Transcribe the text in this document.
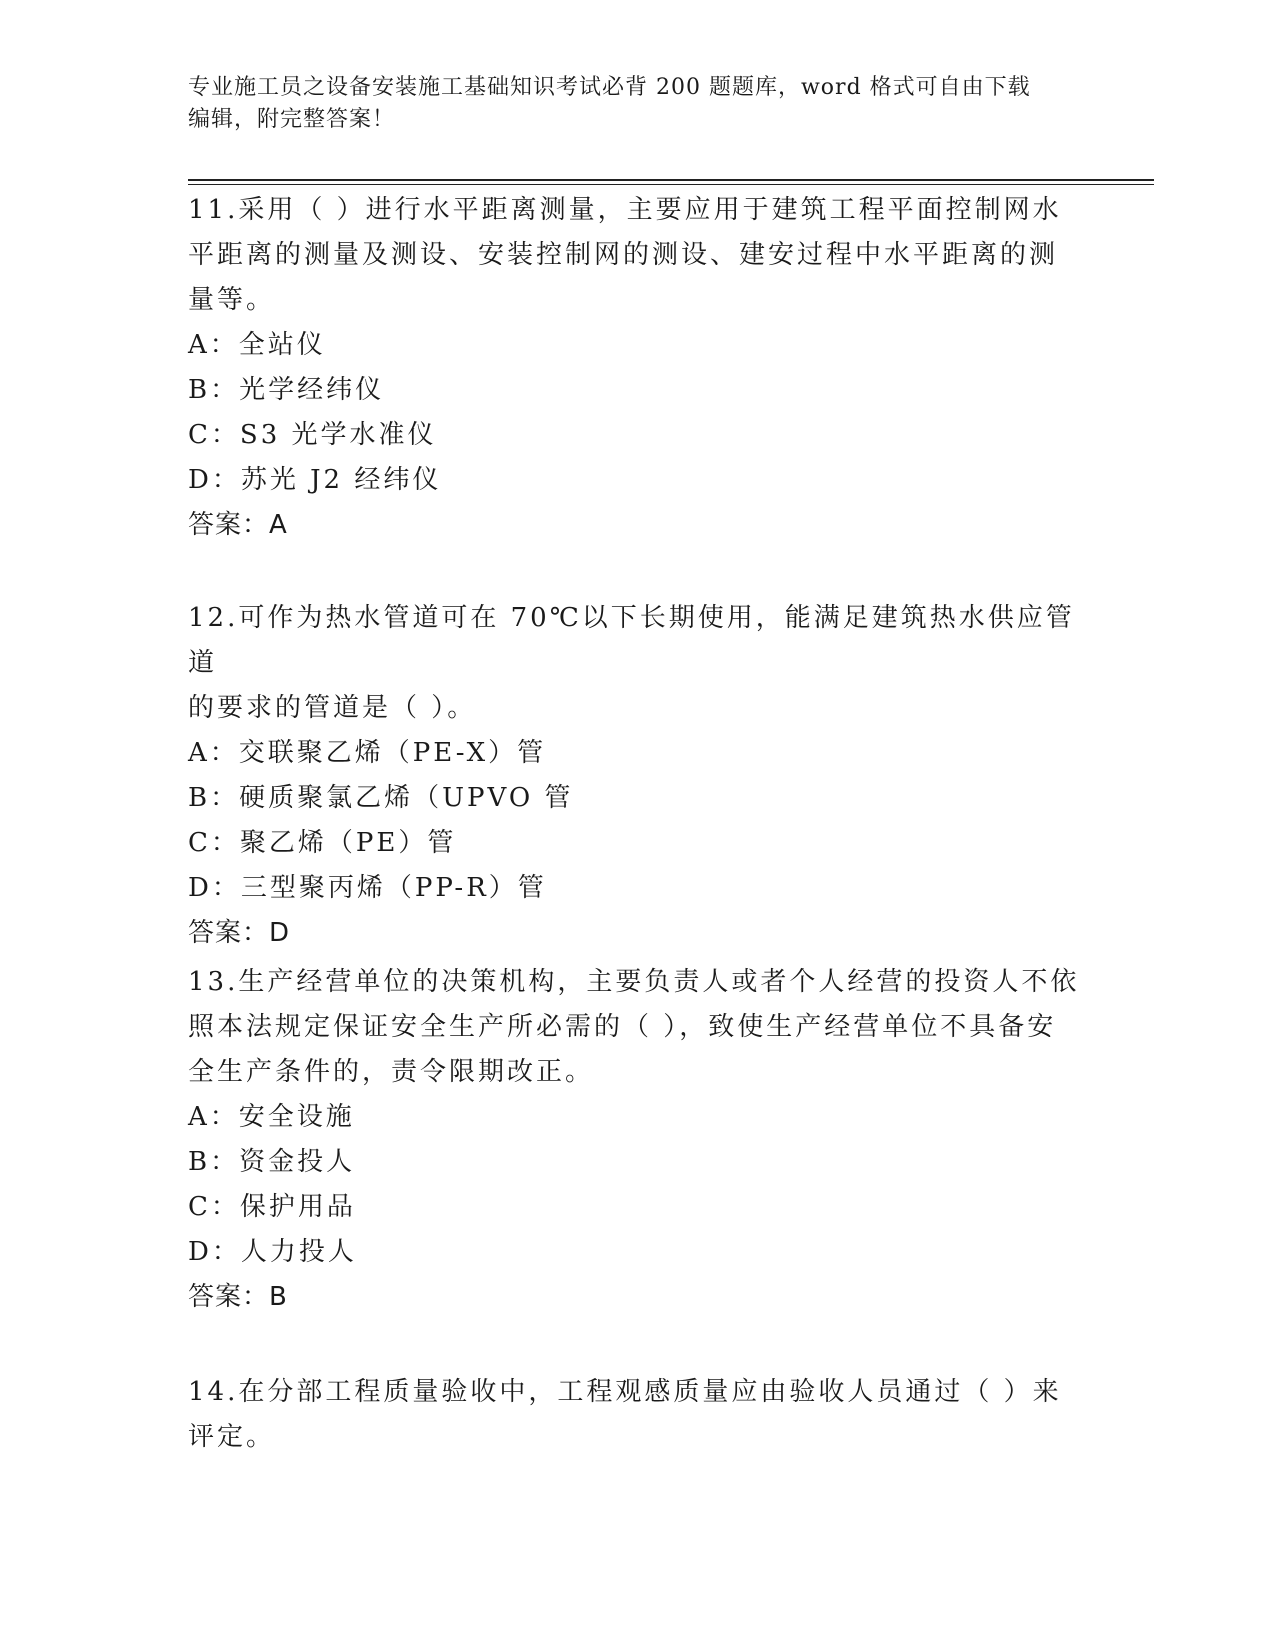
专业施工员之设备安装施工基础知识考试必背 200 题题库，word 格式可自由下载
编辑，附完整答案！
11.采用（ ）进行水平距离测量，主要应用于建筑工程平面控制网水
平距离的测量及测设、安装控制网的测设、建安过程中水平距离的测
量等。
A：全站仪
B：光学经纬仪
C：S3 光学水准仪
D：苏光 J2 经纬仪
答案：A
12.可作为热水管道可在 70℃以下长期使用，能满足建筑热水供应管道
的要求的管道是（ ）。
A：交联聚乙烯（PE-X）管
B：硬质聚氯乙烯（UPVO 管
C：聚乙烯（PE）管
D：三型聚丙烯（PP-R）管
答案：D
13.生产经营单位的决策机构，主要负责人或者个人经营的投资人不依
照本法规定保证安全生产所必需的（ ），致使生产经营单位不具备安
全生产条件的，责令限期改正。
A：安全设施
B：资金投人
C：保护用品
D：人力投人
答案：B
14.在分部工程质量验收中，工程观感质量应由验收人员通过（ ）来
评定。
